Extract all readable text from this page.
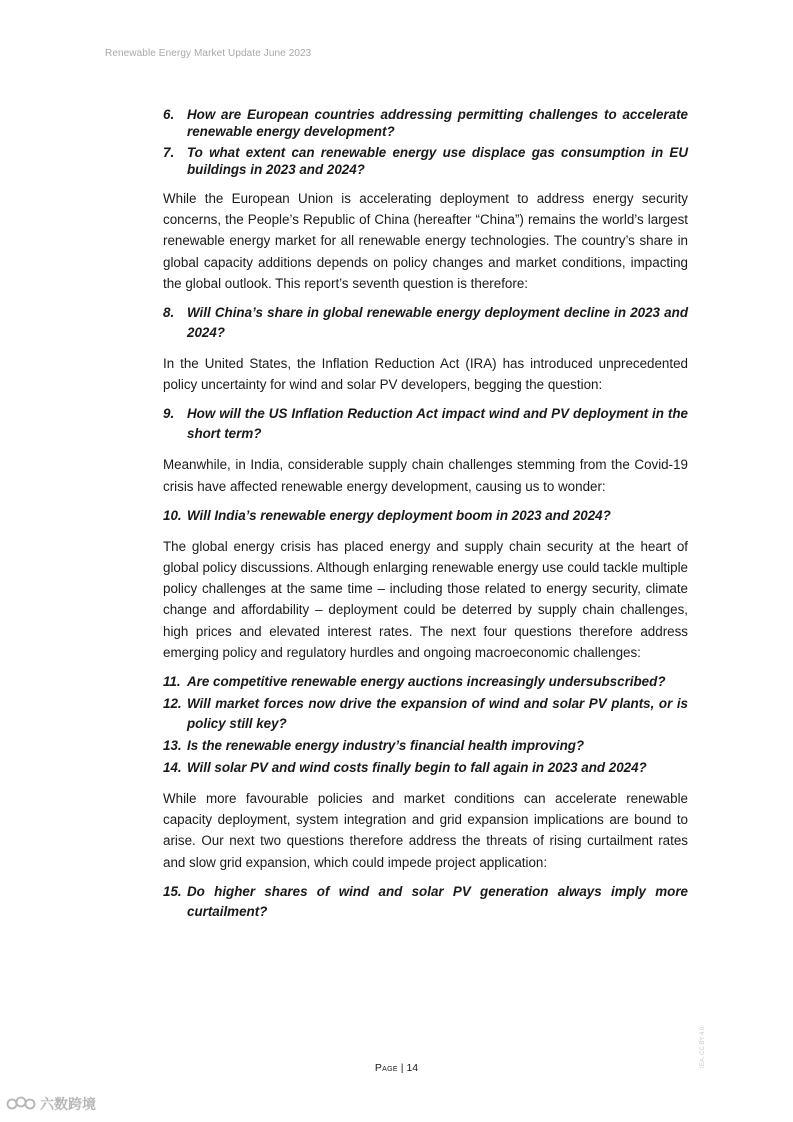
Renewable Energy Market Update June 2023
6. How are European countries addressing permitting challenges to accelerate renewable energy development?
7. To what extent can renewable energy use displace gas consumption in EU buildings in 2023 and 2024?

While the European Union is accelerating deployment to address energy security concerns, the People’s Republic of China (hereafter “China”) remains the world’s largest renewable energy market for all renewable energy technologies. The country’s share in global capacity additions depends on policy changes and market conditions, impacting the global outlook. This report’s seventh question is therefore:

8. Will China’s share in global renewable energy deployment decline in 2023 and 2024?

In the United States, the Inflation Reduction Act (IRA) has introduced unprecedented policy uncertainty for wind and solar PV developers, begging the question:

9. How will the US Inflation Reduction Act impact wind and PV deployment in the short term?

Meanwhile, in India, considerable supply chain challenges stemming from the Covid-19 crisis have affected renewable energy development, causing us to wonder:

10. Will India’s renewable energy deployment boom in 2023 and 2024?

The global energy crisis has placed energy and supply chain security at the heart of global policy discussions. Although enlarging renewable energy use could tackle multiple policy challenges at the same time – including those related to energy security, climate change and affordability – deployment could be deterred by supply chain challenges, high prices and elevated interest rates. The next four questions therefore address emerging policy and regulatory hurdles and ongoing macroeconomic challenges:

11. Are competitive renewable energy auctions increasingly undersubscribed?
12. Will market forces now drive the expansion of wind and solar PV plants, or is policy still key?
13. Is the renewable energy industry’s financial health improving?
14. Will solar PV and wind costs finally begin to fall again in 2023 and 2024?

While more favourable policies and market conditions can accelerate renewable capacity deployment, system integration and grid expansion implications are bound to arise. Our next two questions therefore address the threats of rising curtailment rates and slow grid expansion, which could impede project application:

15. Do higher shares of wind and solar PV generation always imply more curtailment?
Page | 14	IEA. CC BY 4.0.
六数跨境
